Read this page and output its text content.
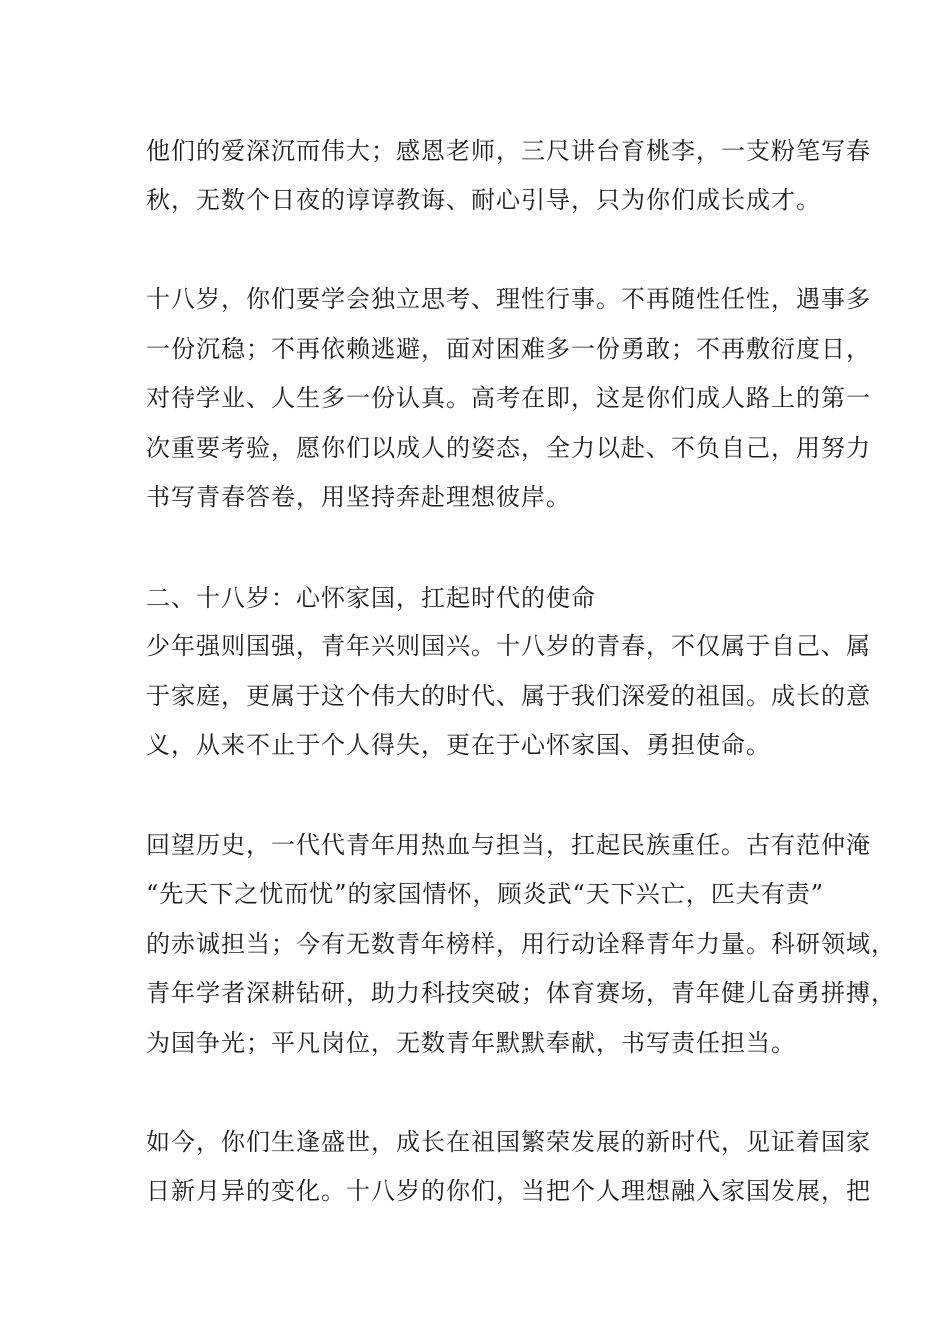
他们的爱深沉而伟大；感恩老师，三尺讲台育桃李，一支粉笔写春
秋，无数个日夜的谆谆教诲、耐心引导，只为你们成长成才。
十八岁，你们要学会独立思考、理性行事。不再随性任性，遇事多
一份沉稳；不再依赖逃避，面对困难多一份勇敢；不再敷衍度日，
对待学业、人生多一份认真。高考在即，这是你们成人路上的第一
次重要考验，愿你们以成人的姿态，全力以赴、不负自己，用努力
书写青春答卷，用坚持奔赴理想彼岸。
二、十八岁：心怀家国，扛起时代的使命
少年强则国强，青年兴则国兴。十八岁的青春，不仅属于自己、属
于家庭，更属于这个伟大的时代、属于我们深爱的祖国。成长的意
义，从来不止于个人得失，更在于心怀家国、勇担使命。
回望历史，一代代青年用热血与担当，扛起民族重任。古有范仲淹
“先天下之忧而忧”的家国情怀，顾炎武“天下兴亡，匹夫有责”
的赤诚担当；今有无数青年榜样，用行动诠释青年力量。科研领域，
青年学者深耕钻研，助力科技突破；体育赛场，青年健儿奋勇拼搏，
为国争光；平凡岗位，无数青年默默奉献，书写责任担当。
如今，你们生逢盛世，成长在祖国繁荣发展的新时代，见证着国家
日新月异的变化。十八岁的你们，当把个人理想融入家国发展，把
